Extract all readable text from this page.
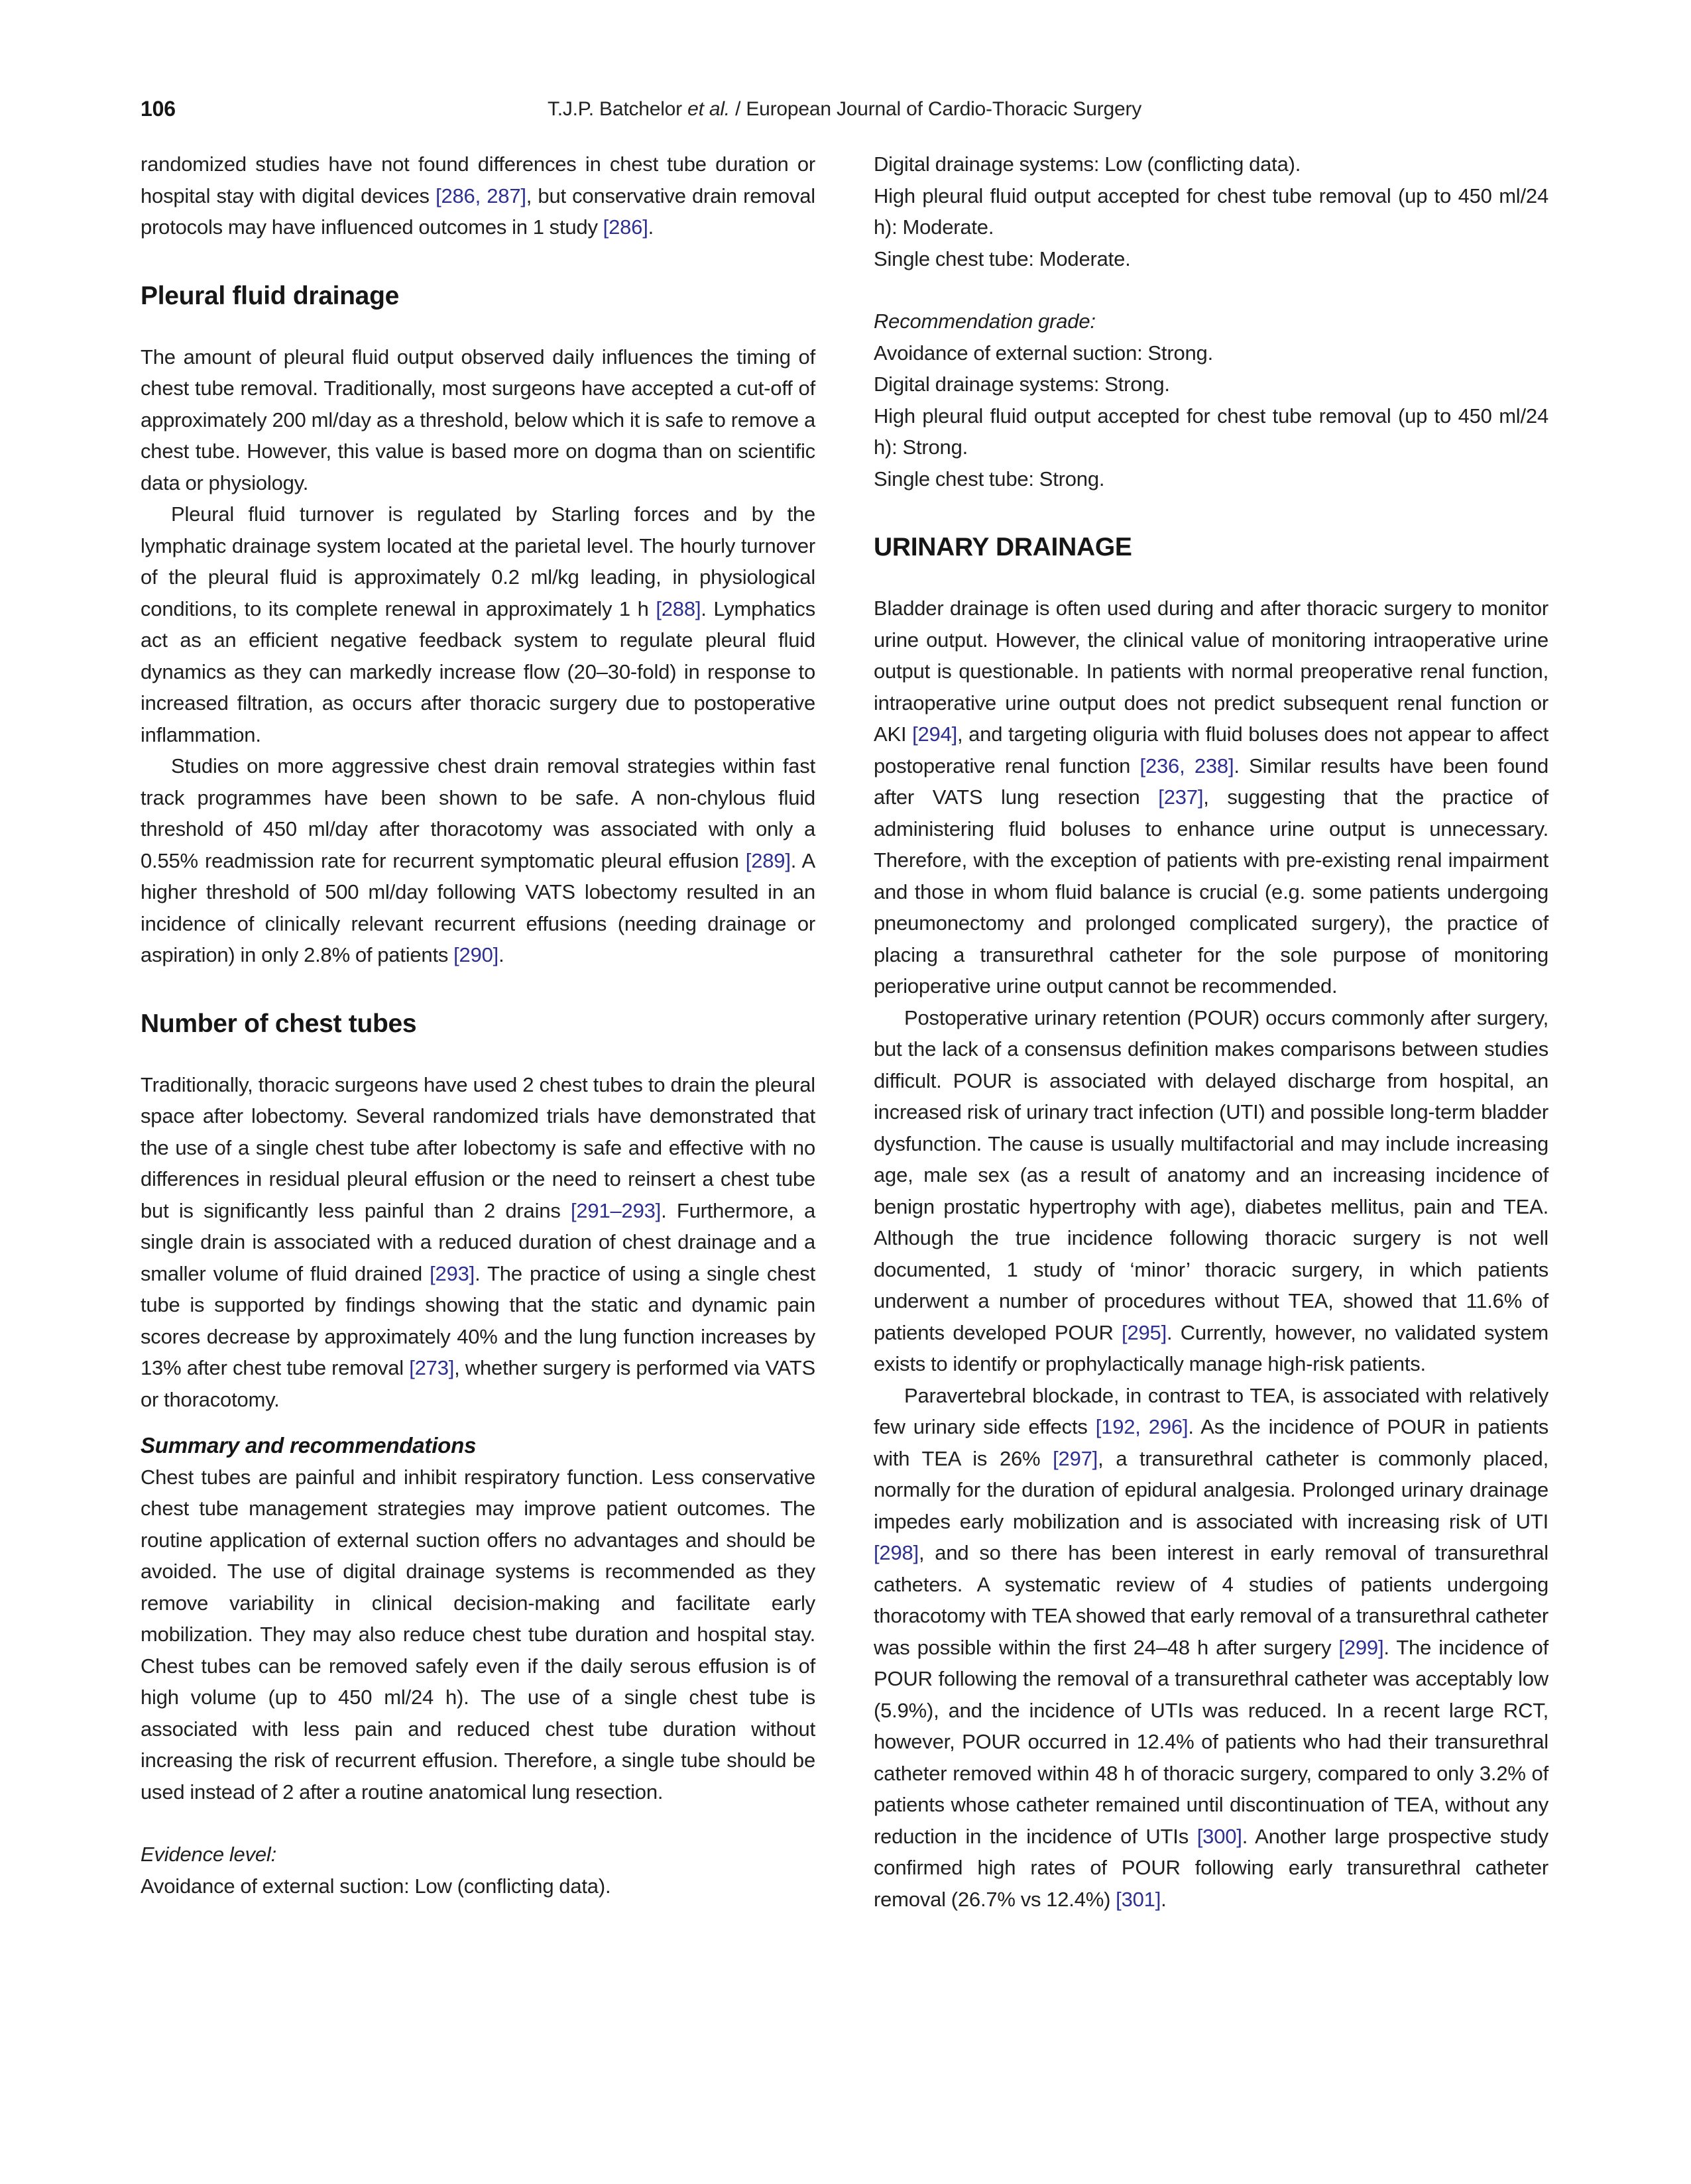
106	T.J.P. Batchelor et al. / European Journal of Cardio-Thoracic Surgery

randomized studies have not found differences in chest tube duration or hospital stay with digital devices [286, 287], but conservative drain removal protocols may have influenced outcomes in 1 study [286].

Pleural fluid drainage

The amount of pleural fluid output observed daily influences the timing of chest tube removal. Traditionally, most surgeons have accepted a cut-off of approximately 200 ml/day as a threshold, below which it is safe to remove a chest tube. However, this value is based more on dogma than on scientific data or physiology.

Pleural fluid turnover is regulated by Starling forces and by the lymphatic drainage system located at the parietal level. The hourly turnover of the pleural fluid is approximately 0.2 ml/kg leading, in physiological conditions, to its complete renewal in approximately 1 h [288]. Lymphatics act as an efficient negative feedback system to regulate pleural fluid dynamics as they can markedly increase flow (20–30-fold) in response to increased filtration, as occurs after thoracic surgery due to postoperative inflammation.

Studies on more aggressive chest drain removal strategies within fast track programmes have been shown to be safe. A non-chylous fluid threshold of 450 ml/day after thoracotomy was associated with only a 0.55% readmission rate for recurrent symptomatic pleural effusion [289]. A higher threshold of 500 ml/day following VATS lobectomy resulted in an incidence of clinically relevant recurrent effusions (needing drainage or aspiration) in only 2.8% of patients [290].

Number of chest tubes

Traditionally, thoracic surgeons have used 2 chest tubes to drain the pleural space after lobectomy. Several randomized trials have demonstrated that the use of a single chest tube after lobectomy is safe and effective with no differences in residual pleural effusion or the need to reinsert a chest tube but is significantly less painful than 2 drains [291–293]. Furthermore, a single drain is associated with a reduced duration of chest drainage and a smaller volume of fluid drained [293]. The practice of using a single chest tube is supported by findings showing that the static and dynamic pain scores decrease by approximately 40% and the lung function increases by 13% after chest tube removal [273], whether surgery is performed via VATS or thoracotomy.

Summary and recommendations

Chest tubes are painful and inhibit respiratory function. Less conservative chest tube management strategies may improve patient outcomes. The routine application of external suction offers no advantages and should be avoided. The use of digital drainage systems is recommended as they remove variability in clinical decision-making and facilitate early mobilization. They may also reduce chest tube duration and hospital stay. Chest tubes can be removed safely even if the daily serous effusion is of high volume (up to 450 ml/24 h). The use of a single chest tube is associated with less pain and reduced chest tube duration without increasing the risk of recurrent effusion. Therefore, a single tube should be used instead of 2 after a routine anatomical lung resection.

Evidence level:

Avoidance of external suction: Low (conflicting data).

Digital drainage systems: Low (conflicting data).

High pleural fluid output accepted for chest tube removal (up to 450 ml/24 h): Moderate.

Single chest tube: Moderate.

Recommendation grade:

Avoidance of external suction: Strong.

Digital drainage systems: Strong.

High pleural fluid output accepted for chest tube removal (up to 450 ml/24 h): Strong.

Single chest tube: Strong.

URINARY DRAINAGE

Bladder drainage is often used during and after thoracic surgery to monitor urine output. However, the clinical value of monitoring intraoperative urine output is questionable. In patients with normal preoperative renal function, intraoperative urine output does not predict subsequent renal function or AKI [294], and targeting oliguria with fluid boluses does not appear to affect postoperative renal function [236, 238]. Similar results have been found after VATS lung resection [237], suggesting that the practice of administering fluid boluses to enhance urine output is unnecessary. Therefore, with the exception of patients with pre-existing renal impairment and those in whom fluid balance is crucial (e.g. some patients undergoing pneumonectomy and prolonged complicated surgery), the practice of placing a transurethral catheter for the sole purpose of monitoring perioperative urine output cannot be recommended.

Postoperative urinary retention (POUR) occurs commonly after surgery, but the lack of a consensus definition makes comparisons between studies difficult. POUR is associated with delayed discharge from hospital, an increased risk of urinary tract infection (UTI) and possible long-term bladder dysfunction. The cause is usually multifactorial and may include increasing age, male sex (as a result of anatomy and an increasing incidence of benign prostatic hypertrophy with age), diabetes mellitus, pain and TEA. Although the true incidence following thoracic surgery is not well documented, 1 study of ‘minor’ thoracic surgery, in which patients underwent a number of procedures without TEA, showed that 11.6% of patients developed POUR [295]. Currently, however, no validated system exists to identify or prophylactically manage high-risk patients.

Paravertebral blockade, in contrast to TEA, is associated with relatively few urinary side effects [192, 296]. As the incidence of POUR in patients with TEA is 26% [297], a transurethral catheter is commonly placed, normally for the duration of epidural analgesia. Prolonged urinary drainage impedes early mobilization and is associated with increasing risk of UTI [298], and so there has been interest in early removal of transurethral catheters. A systematic review of 4 studies of patients undergoing thoracotomy with TEA showed that early removal of a transurethral catheter was possible within the first 24–48 h after surgery [299]. The incidence of POUR following the removal of a transurethral catheter was acceptably low (5.9%), and the incidence of UTIs was reduced. In a recent large RCT, however, POUR occurred in 12.4% of patients who had their transurethral catheter removed within 48 h of thoracic surgery, compared to only 3.2% of patients whose catheter remained until discontinuation of TEA, without any reduction in the incidence of UTIs [300]. Another large prospective study confirmed high rates of POUR following early transurethral catheter removal (26.7% vs 12.4%) [301].
